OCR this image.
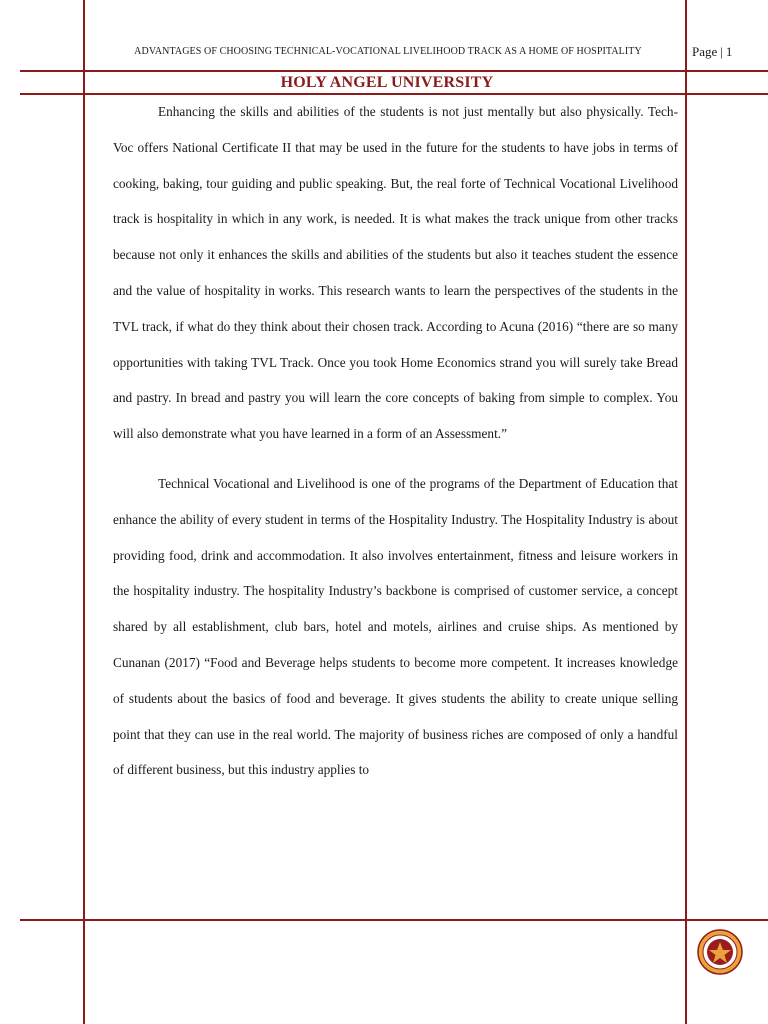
ADVANTAGES OF CHOOSING TECHNICAL-VOCATIONAL LIVELIHOOD TRACK AS A HOME OF HOSPITALITY	Page | 1
HOLY ANGEL UNIVERSITY

Enhancing the skills and abilities of the students is not just mentally but also physically. Tech-Voc offers National Certificate II that may be used in the future for the students to have jobs in terms of cooking, baking, tour guiding and public speaking. But, the real forte of Technical Vocational Livelihood track is hospitality in which in any work, is needed. It is what makes the track unique from other tracks because not only it enhances the skills and abilities of the students but also it teaches student the essence and the value of hospitality in works. This research wants to learn the perspectives of the students in the TVL track, if what do they think about their chosen track. According to Acuna (2016) “there are so many opportunities with taking TVL Track. Once you took Home Economics strand you will surely take Bread and pastry. In bread and pastry you will learn the core concepts of baking from simple to complex. You will also demonstrate what you have learned in a form of an Assessment.”

Technical Vocational and Livelihood is one of the programs of the Department of Education that enhance the ability of every student in terms of the Hospitality Industry. The Hospitality Industry is about providing food, drink and accommodation. It also involves entertainment, fitness and leisure workers in the hospitality industry. The hospitality Industry’s backbone is comprised of customer service, a concept shared by all establishment, club bars, hotel and motels, airlines and cruise ships. As mentioned by Cunanan (2017) “Food and Beverage helps students to become more competent. It increases knowledge of students about the basics of food and beverage. It gives students the ability to create unique selling point that they can use in the real world. The majority of business riches are composed of only a handful of different business, but this industry applies to
